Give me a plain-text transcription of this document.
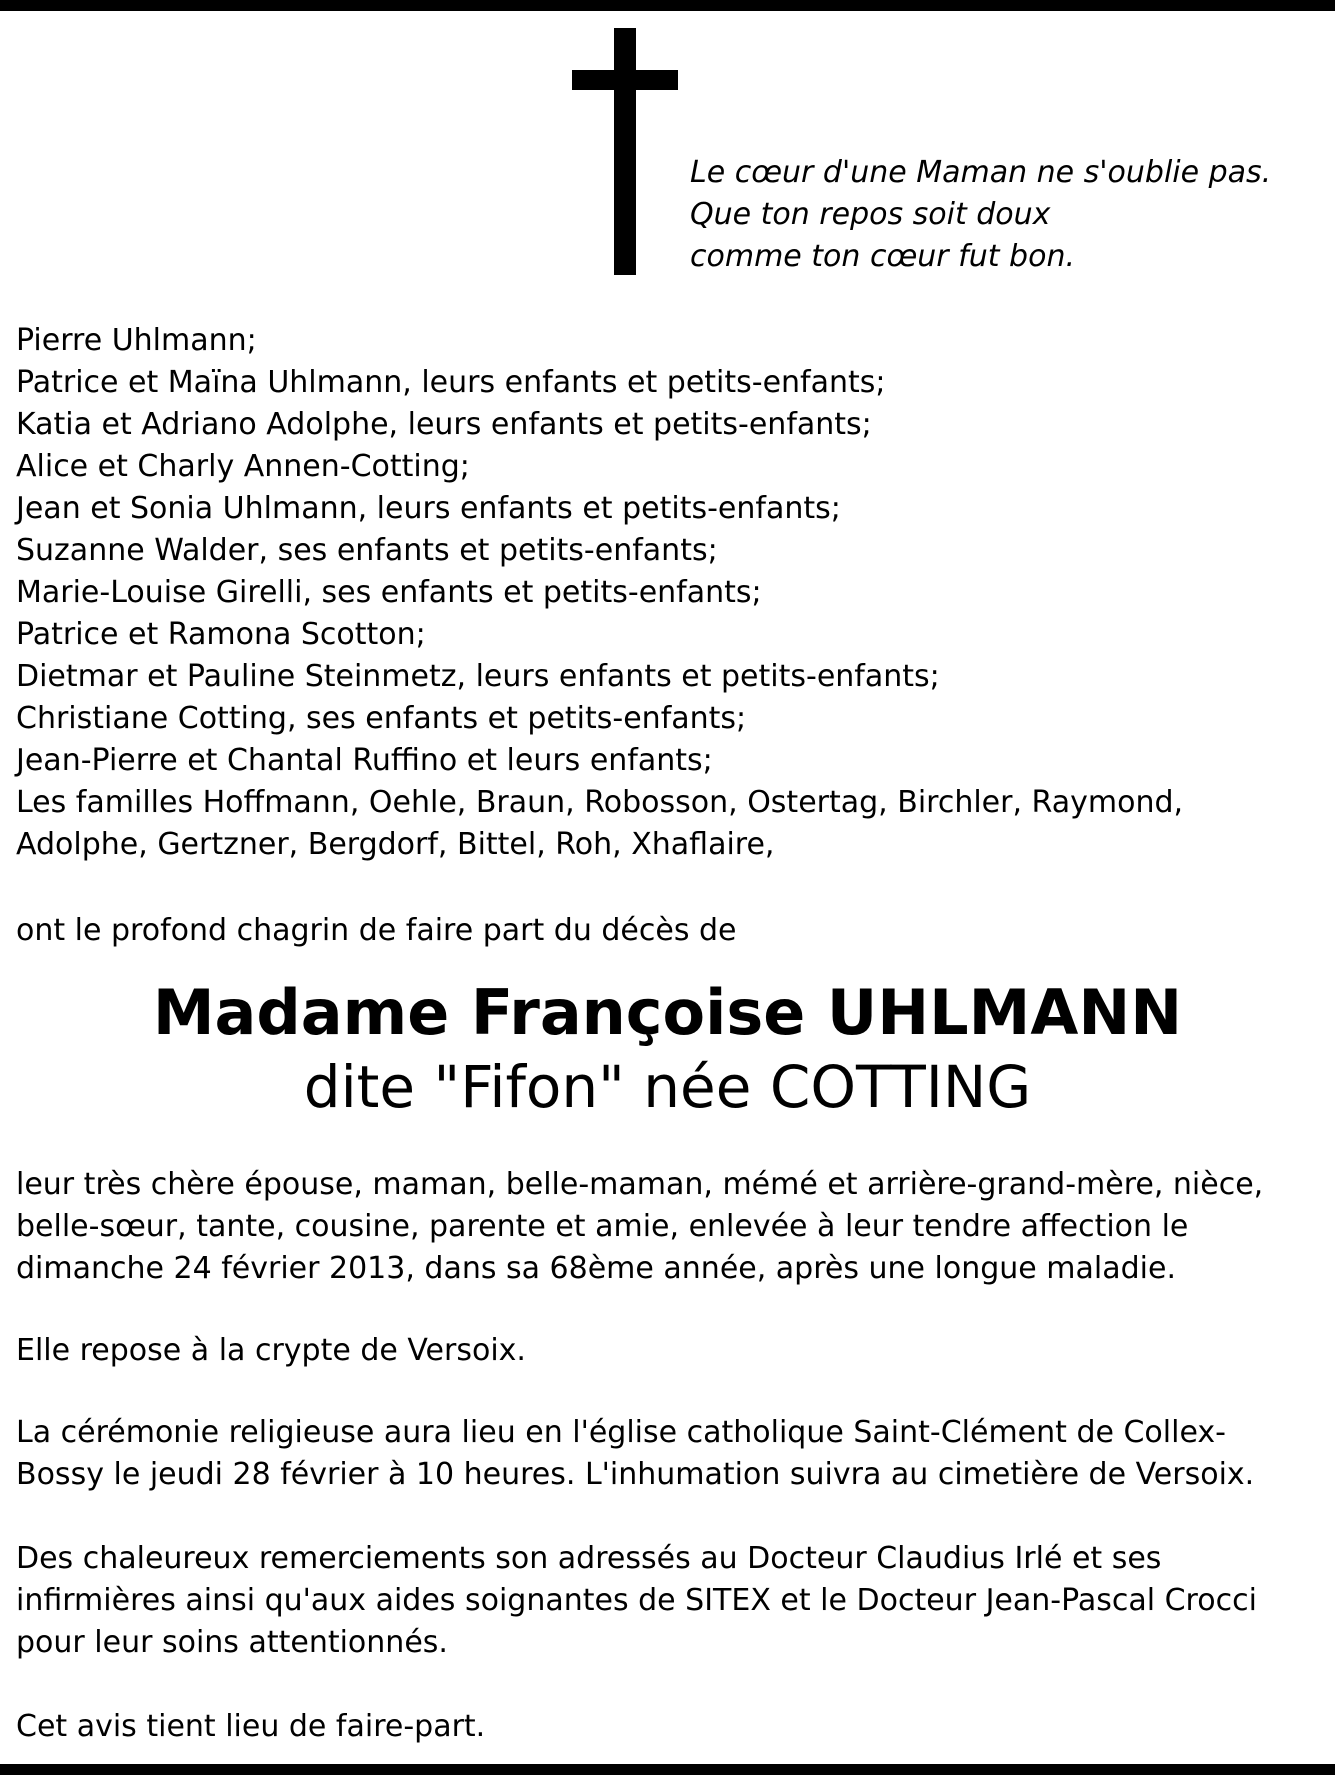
Le cœur d'une Maman ne s'oublie pas.
Que ton repos soit doux
comme ton cœur fut bon.
Pierre Uhlmann;
Patrice et Maïna Uhlmann, leurs enfants et petits-enfants;
Katia et Adriano Adolphe, leurs enfants et petits-enfants;
Alice et Charly Annen-Cotting;
Jean et Sonia Uhlmann, leurs enfants et petits-enfants;
Suzanne Walder, ses enfants et petits-enfants;
Marie-Louise Girelli, ses enfants et petits-enfants;
Patrice et Ramona Scotton;
Dietmar et Pauline Steinmetz, leurs enfants et petits-enfants;
Christiane Cotting, ses enfants et petits-enfants;
Jean-Pierre et Chantal Ruffino et leurs enfants;
Les familles Hoffmann, Oehle, Braun, Robosson, Ostertag, Birchler, Raymond,
Adolphe, Gertzner, Bergdorf, Bittel, Roh, Xhaflaire,
ont le profond chagrin de faire part du décès de
Madame Françoise UHLMANN
dite "Fifon" née COTTING
leur très chère épouse, maman, belle-maman, mémé et arrière-grand-mère, nièce,
belle-sœur, tante, cousine, parente et amie, enlevée à leur tendre affection le
dimanche 24 février 2013, dans sa 68ème année, après une longue maladie.
Elle repose à la crypte de Versoix.
La cérémonie religieuse aura lieu en l'église catholique Saint-Clément de Collex-
Bossy le jeudi 28 février à 10 heures. L'inhumation suivra au cimetière de Versoix.
Des chaleureux remerciements son adressés au Docteur Claudius Irlé et ses
infirmières ainsi qu'aux aides soignantes de SITEX et le Docteur Jean-Pascal Crocci
pour leur soins attentionnés.
Cet avis tient lieu de faire-part.
